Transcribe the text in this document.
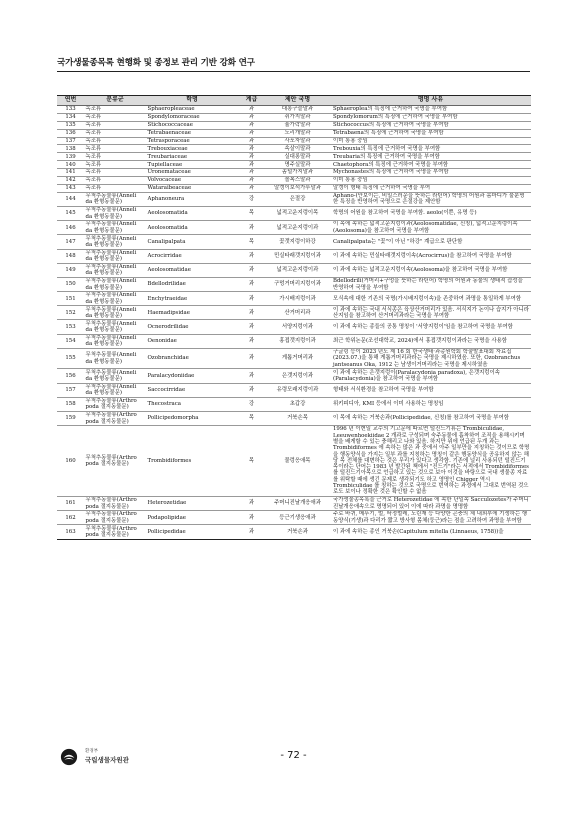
국가생물종목록 현행화 및 종정보 관리 기반 강화 연구
연번	분류군	학명	계급	제안 국명	명명 사유
133	녹조류	Sphaeropleaceae	과	대롱구슬말과	Sphaeroplea의 특징에 근거하여 국명을 부여함
134	녹조류	Spondylomoraceae	과	쥐가지말과	Spondylomorum의 특징에 근거하여 국명을 부여함
135	녹조류	Stichococcaceae	과	율가락말과	Stichococcus의 특징에 근거하여 국명을 부여함
136	녹조류	Tetrabaenaceae	과	노리개말과	Tetrabaena의 특징에 근거하여 국명을 부여함
137	녹조류	Tetrasporaceae	과	사포자말과	이미 통용 중임
138	녹조류	Trebouxiaceae	과	속살이말과	Trebouxia의 특징에 근거하여 국명을 부여함
139	녹조류	Treubariaceae	과	실대롱말과	Treubaria의 특징에 근거하여 국명을 부여함
140	녹조류	Tupiellaceae	과	명주실말과	Chaetophora의 특징에 근거하여 국명을 부여함
141	녹조류	Uronemataceae	과	좀털가지말과	Mychonastes의 특징에 근거하여 국명을 부여함
142	녹조류	Volvocaceae	과	볼복스말과	이미 통용 중임
143	녹조류	Wataraibeaceae	과	알갱이보석가루말과	알갱이 형태 특징에 근거하여 국명을 부여
144	무척추동물류(Anneli da 환형동물문)	Aphanoneura	강	은절강	Aphano-(안보이는, 비밀스러운을 뜻하는 라틴어) 학명의 어원과 몸마디가 불분명한 특징을 반영하여 국명으로 은절강을 제안함
145	무척추동물류(Anneli da 환형동물문)	Aeolosomatida	목	넓적고운지렁이목	학명의 어원을 참고하여 국명을 부여함. aeolo(이쁜, 유명 등)
146	무척추동물류(Anneli da 환형동물문)	Aeolosomatida	과	넓적고운지렁이과	이 목에 속하는 넓적고운지렁이과(Aeolosomatidae, 신칭), 넓적고운지렁이속(Aeolosoma)을 참고하여 국명을 부여함
147	무척추동물류(Anneli da 환형동물문)	Canalipalpata	목	꽃갯지렁이하강	Canalipalpata는 "꽃"이 아닌 "하강" 계급으로 판단함
148	무척추동물류(Anneli da 환형동물문)	Acrocirridae	과	민실타래갯지렁이과	이 과에 속하는 민실타래갯지렁이속(Acrocirrus)을 참고하여 국명을 부여함
149	무척추동물류(Anneli da 환형동물문)	Aeolosomatidae	과	넓적고운지렁이과	이 과에 속하는 넓적고운지렁이속(Aeolosoma)을 참고하여 국명을 부여함
150	무척추동물류(Anneli da 환형동물문)	Bdellodrilidae	과	구멍거머리지렁이과	Bdellodrili(거머리+구멍을 뜻하는 라틴어) 학명의 어원과 동물의 생태적 습성을 반영하여 국명을 부여함
151	무척추동물류(Anneli da 환형동물문)	Enchytraeidae	과	가시배지렁이과	모식속에 대한 기존의 국명(가시배지렁이속)을 존중하여 과명을 통일하게 부여함
152	무척추동물류(Anneli da 환형동물문)	Haemadipsidae	과	산거머리과	이 과에 속하는 국내 서식종은 육상산거머리가 있음. 서식지가 논이나 습지가 아니라 산지임을 참고하여 산거머리과라는 국명을 부여함
153	무척추동물류(Anneli da 환형동물문)	Ocnerodrilidae	과	서양지렁이과	이 과에 속하는 종들의 공통 명칭이 '서양지렁이'임을 참고하여 국명을 부여함
154	무척추동물류(Anneli da 환형동물문)	Oenonidae	과	홍접갯지렁이과	최근 학위논문(조선대학교, 2024)에서 홍접갯지렁이과라는 국명을 사용함
155	무척추동물류(Anneli da 환형동물문)	Ozobranchidae	과	게톱거머리과	구글링 등이 2023 년도 제 16 회 한국생태·과총원학회 학술발표대회 자료집(2023.07.)을 통해 게톱거머리과라는 국명을 제시하였음. 또한, Ozobranchus jantseanus Oka, 1912 는 남생이거머리라는 국명을 제시하였음
156	무척추동물류(Anneli da 환형동물문)	Paralacydoniidae	과	은갯지렁이과	이 과에 속하는 은갯지렁이(Paralacydonia paradoxa), 은갯지렁이속(Paralacydonia)을 참고하여 국명을 부여함
157	무척추동물류(Anneli da 환형동물문)	Saccocirridae	과	유령모래지렁이과	형태와 서식환경을 참고하여 국명을 부여함
158	무척추동물류(Arthro poda 절지동물문)	Thecostraca	강	초갑강	위키피디아, KMI 등에서 이미 사용하는 명칭임
159	무척추동물류(Arthro poda 절지동물문)	Pollicipedomorpha	목	거북손목	이 목에 속하는 거북손과(Pollicipedidae, 신칭)를 참고하여 국명을 부여함
160	무척추동물류(Arthro poda 절지동물문)	Trombidiformes	목	물렁응애목	1996 년 이현일 교수의 기고문에 따르면 털진드기류는 Trombiculidae, Leeuwenhoekiidae 2 개과로 구성되며 숙주동물에 흡착하여 조직을 용해시키며 별을 배게할 수 있는 충해리고 나와 있음. 하지만 위에 언급된 두개 과는 Trombidiformes 에 속하는 많은 과 중에서 아주 일부만을 지칭하는 것이므로 학명을 행동양식을 가지는 일부 과를 지칭하는 명칭이 같은 행동양식을 공유하지 않는 해당 목 전체를 대변하는 것은 무리가 있다고 생각함. 기존에 널리 사용되던 털진드기목이라는 단어는 1983 년 발간된 책에서 "진드기"라는 서적에서 Trombidiformes 를 털진드기아목으로 언급하고 있는 것으로 보아 이것을 바탕으로 국내 생물종 자료를 위탁할 때에 생긴 문제로 생각되기도 하고 영명인 Chigger 역시 Trombiculidae 를 칭하는 것으로 국명으로 번역하는 과정에서 그대로 번역된 것으로도 보이나 정확한 것은 확인할 수 없음
161	무척추동물류(Arthro poda 절지동물문)	Heterozetidae	과	주머니진날개응애과	국가생물종목록을 근거로 Heterozetidae 에 속한 단일속 Sacculozetes가 주머니진날개응애속으로 명명되어 있어 이에 따라 과명을 명명함
162	무척추동물류(Arthro poda 절지동물문)	Podapolipidae	과	등근기생응애과	주로 바퀴, 메뚜기, 벌, 딱정벌레, 노린재 등 다양한 곤충의 체 내외부에 기생하는 행동양식(기생)과 다리가 짧고 방사형 몸체(둥근)라는 점을 고려하여 과명을 부여함
163	무척추동물류(Arthro poda 절지동물문)	Pollicipedidae	과	거북손과	이 과에 속하는 종인 거북손(Capitulum mitella (Linnaeus, 1758))을
환경부
국립생물자원관	- 72 -
